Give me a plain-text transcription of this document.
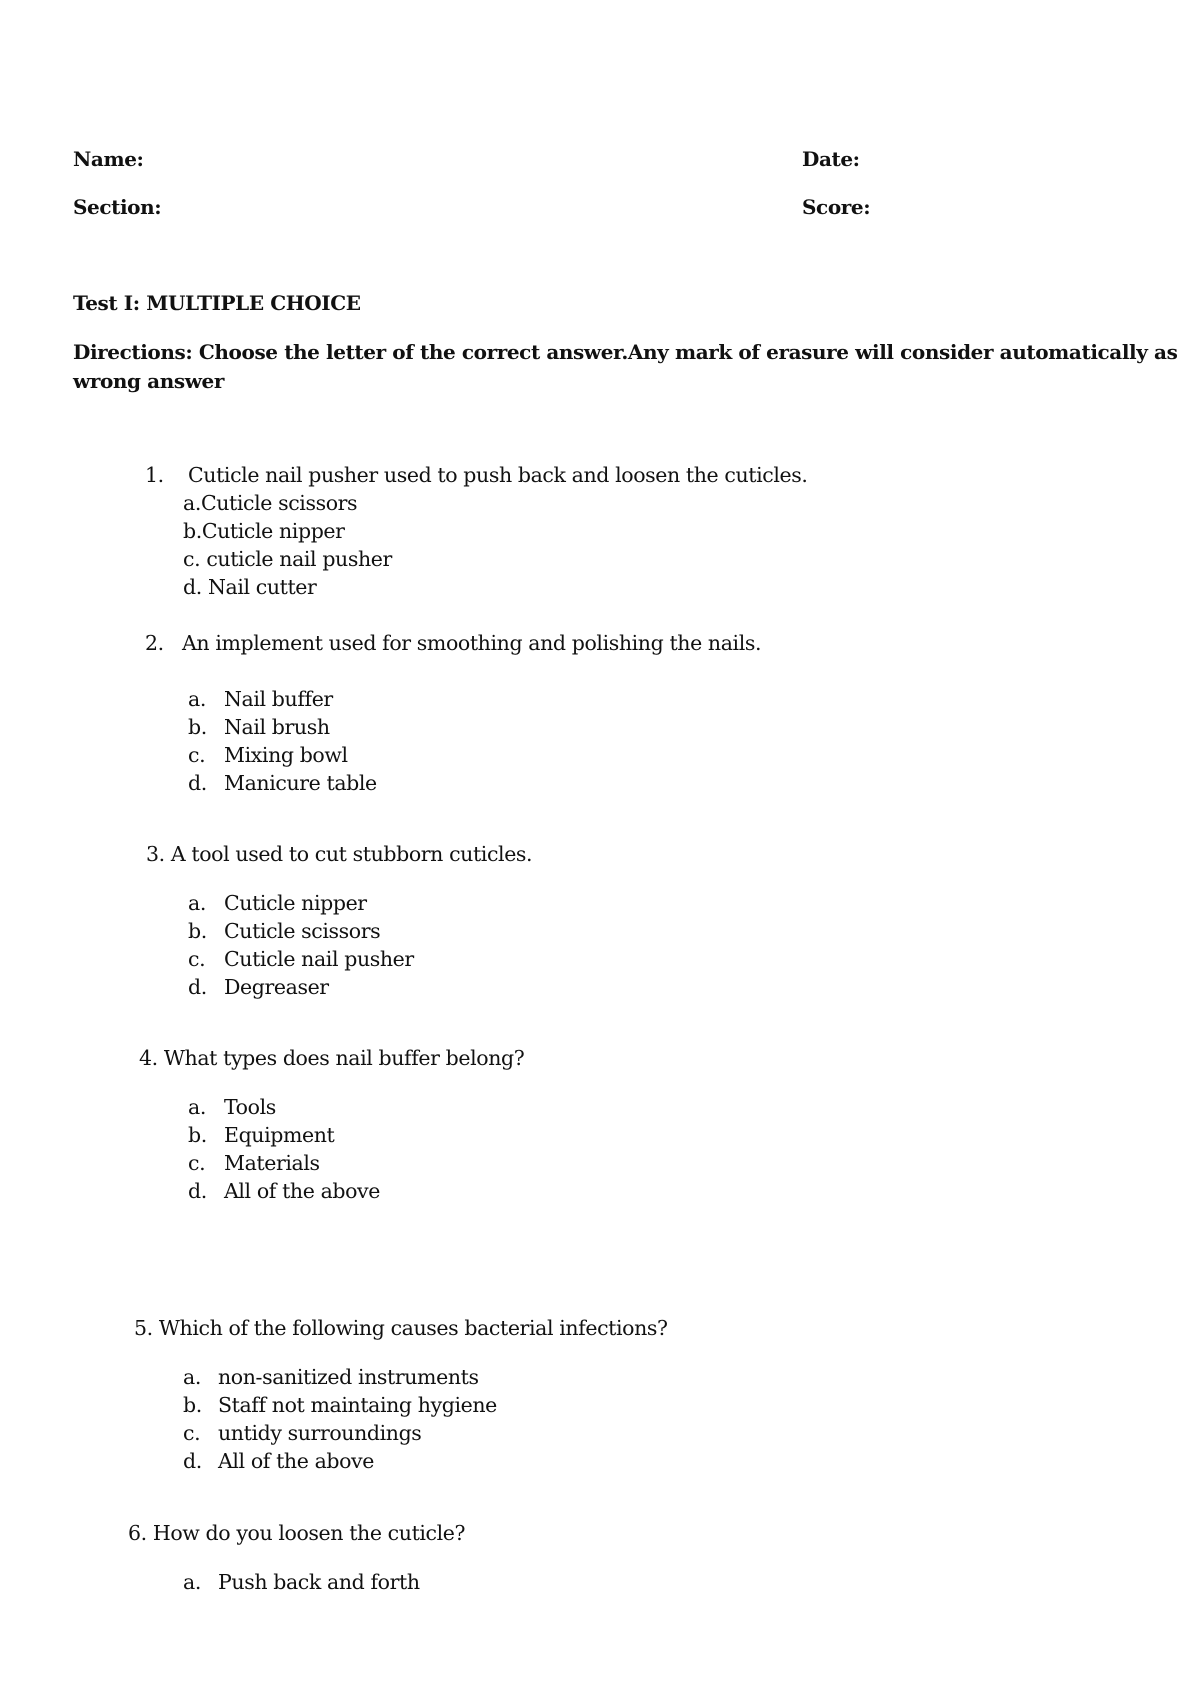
Name:	Date:
Section:	Score:
Test I: MULTIPLE CHOICE
Directions: Choose the letter of the correct answer.Any mark of erasure will consider automatically as
wrong answer
1. Cuticle nail pusher used to push back and loosen the cuticles.
a.Cuticle scissors
b.Cuticle nipper
c. cuticle nail pusher
d. Nail cutter
2. An implement used for smoothing and polishing the nails.
a. Nail buffer
b. Nail brush
c. Mixing bowl
d. Manicure table
3. A tool used to cut stubborn cuticles.
a. Cuticle nipper
b. Cuticle scissors
c. Cuticle nail pusher
d. Degreaser
4. What types does nail buffer belong?
a. Tools
b. Equipment
c. Materials
d. All of the above
5. Which of the following causes bacterial infections?
a. non-sanitized instruments
b. Staff not maintaing hygiene
c. untidy surroundings
d. All of the above
6. How do you loosen the cuticle?
a. Push back and forth
